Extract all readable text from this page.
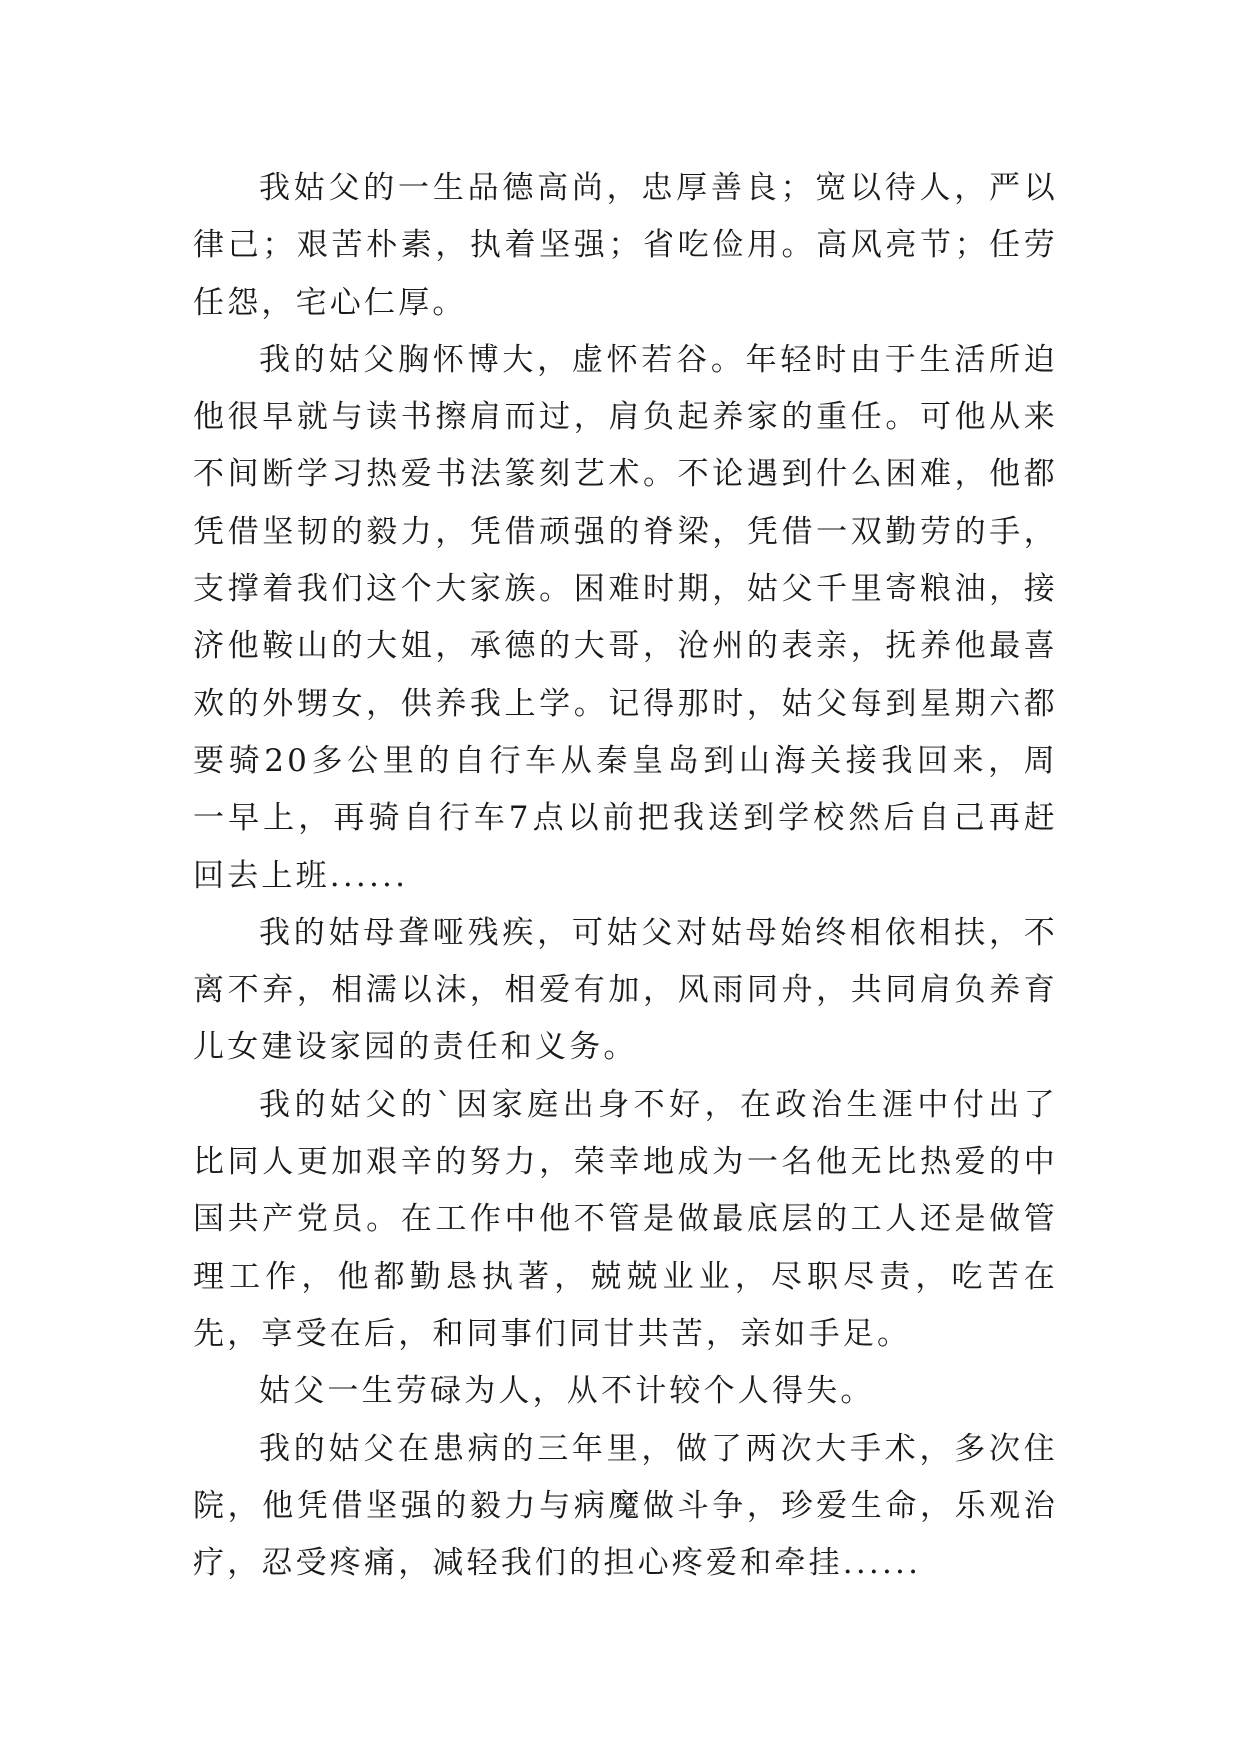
我姑父的一生品德高尚，忠厚善良；宽以待人，严以律己；艰苦朴素，执着坚强；省吃俭用。高风亮节；任劳任怨，宅心仁厚。

我的姑父胸怀博大，虚怀若谷。年轻时由于生活所迫他很早就与读书擦肩而过，肩负起养家的重任。可他从来不间断学习热爱书法篆刻艺术。不论遇到什么困难，他都凭借坚韧的毅力，凭借顽强的脊梁，凭借一双勤劳的手，支撑着我们这个大家族。困难时期，姑父千里寄粮油，接济他鞍山的大姐，承德的大哥，沧州的表亲，抚养他最喜欢的外甥女，供养我上学。记得那时，姑父每到星期六都要骑20多公里的自行车从秦皇岛到山海关接我回来，周一早上，再骑自行车7点以前把我送到学校然后自己再赶回去上班......

我的姑母聋哑残疾，可姑父对姑母始终相依相扶，不离不弃，相濡以沫，相爱有加，风雨同舟，共同肩负养育儿女建设家园的责任和义务。

我的姑父的`因家庭出身不好，在政治生涯中付出了比同人更加艰辛的努力，荣幸地成为一名他无比热爱的中国共产党员。在工作中他不管是做最底层的工人还是做管理工作，他都勤恳执著，兢兢业业，尽职尽责，吃苦在先，享受在后，和同事们同甘共苦，亲如手足。

姑父一生劳碌为人，从不计较个人得失。

我的姑父在患病的三年里，做了两次大手术，多次住院，他凭借坚强的毅力与病魔做斗争，珍爱生命，乐观治疗，忍受疼痛，减轻我们的担心疼爱和牵挂......
